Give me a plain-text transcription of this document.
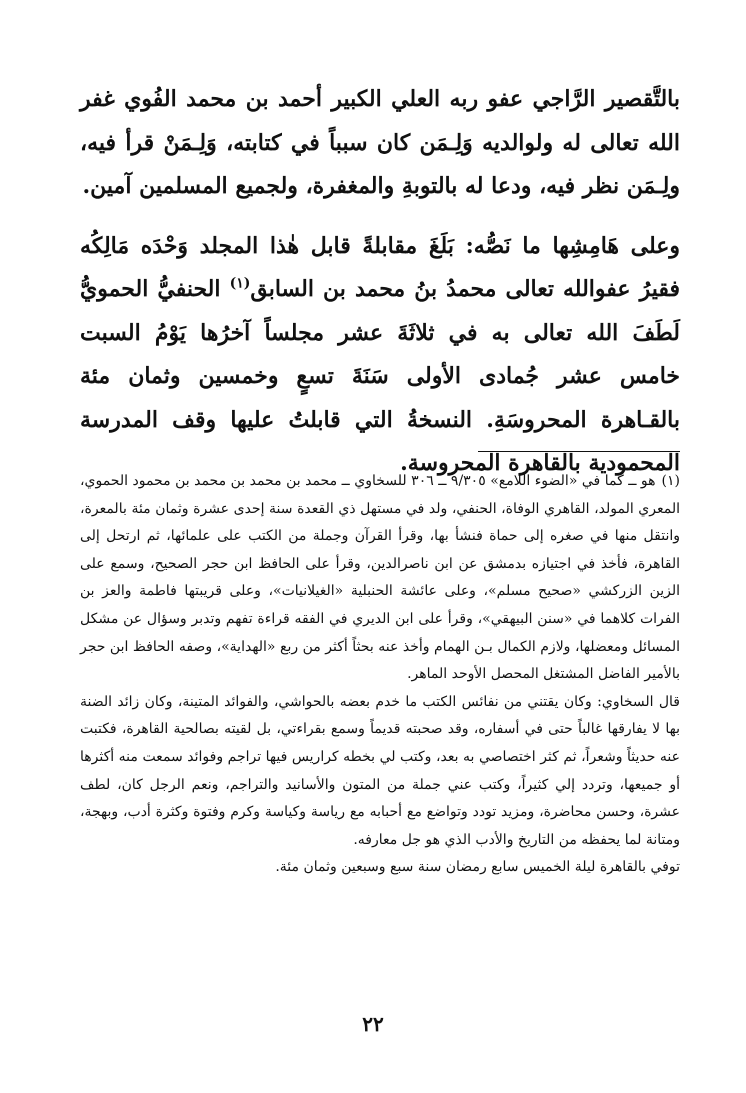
بالتَّقصير الرَّاجي عفو ربه العلي الكبير أحمد بن محمد الفُوي غفر الله تعالى له ولوالديه وَلِـمَن كان سبباً في كتابته، وَلِـمَنْ قرأ فيه، ولِـمَن نظر فيه، ودعا له بالتوبةِ والمغفرة، ولجميع المسلمين آمين.

وعلى هَامِشِها ما نَصُّه: بَلَغَ مقابلةً قابل هٰذا المجلد وَحْدَه مَالِكُه فقيرُ عفوالله تعالى محمدُ بنُ محمد بن السابق$^{(١)}$ الحنفيُّ الحمويُّ لَطَفَ الله تعالى به في ثلاثَةَ عشر مجلساً آخرُها يَوْمُ السبت خامس عشر جُمادى الأولى سَنَةَ تسعٍ وخمسين وثمان مئة بالقـاهرة المحروسَةِ. النسخةُ التي قابلتُ عليها وقف المدرسة المحمودية بالقاهرة المحروسة.

(١)هو ــ كما في «الضوء اللامع» ٩/٣٠٥ ــ ٣٠٦ للسخاوي ــ محمد بن محمد بن محمد بن محمود الحموي، المعري المولد، القاهري الوفاة، الحنفي، ولد في مستهل ذي القعدة سنة إحدى عشرة وثمان مئة بالمعرة، وانتقل منها في صغره إلى حماة فنشأ بها، وقرأ القرآن وجملة من الكتب على علمائها، ثم ارتحل إلى القاهرة، فأخذ في اجتيازه بدمشق عن ابن ناصرالدين، وقرأ على الحافظ ابن حجر الصحيح، وسمع على الزين الزركشي «صحيح مسلم»، وعلى عائشة الحنبلية «الغيلانيات»، وعلى قريبتها فاطمة والعز بن الفرات كلاهما في «سنن البيهقي»، وقرأ على ابن الديري في الفقه قراءة تفهم وتدبر وسؤال عن مشكل المسائل ومعضلها، ولازم الكمال بـن الهمام وأخذ عنه بحثاً أكثر من ربع «الهداية»، وصفه الحافظ ابن حجر بالأمير الفاضل المشتغل المحصل الأوحد الماهر.

قال السخاوي: وكان يقتني من نفائس الكتب ما خدم بعضه بالحواشي، والفوائد المتينة، وكان زائد الضنة بها لا يفارقها غالباً حتى في أسفاره، وقد صحبته قديماً وسمع بقراءتي، بل لقيته بصالحية القاهرة، فكتبت عنه حديثاً وشعراً، ثم كثر اختصاصي به بعد، وكتب لي بخطه كراريس فيها تراجم وفوائد سمعت منه أكثرها أو جميعها، وتردد إلي كثيراً، وكتب عني جملة من المتون والأسانيد والتراجم، ونعم الرجل كان، لطف عشرة، وحسن محاضرة، ومزيد تودد وتواضع مع أحبابه مع رياسة وكياسة وكرم وفتوة وكثرة أدب، وبهجة، ومتانة لما يحفظه من التاريخ والأدب الذي هو جل معارفه.

توفي بالقاهرة ليلة الخميس سابع رمضان سنة سبع وسبعين وثمان مئة.

٢٢
